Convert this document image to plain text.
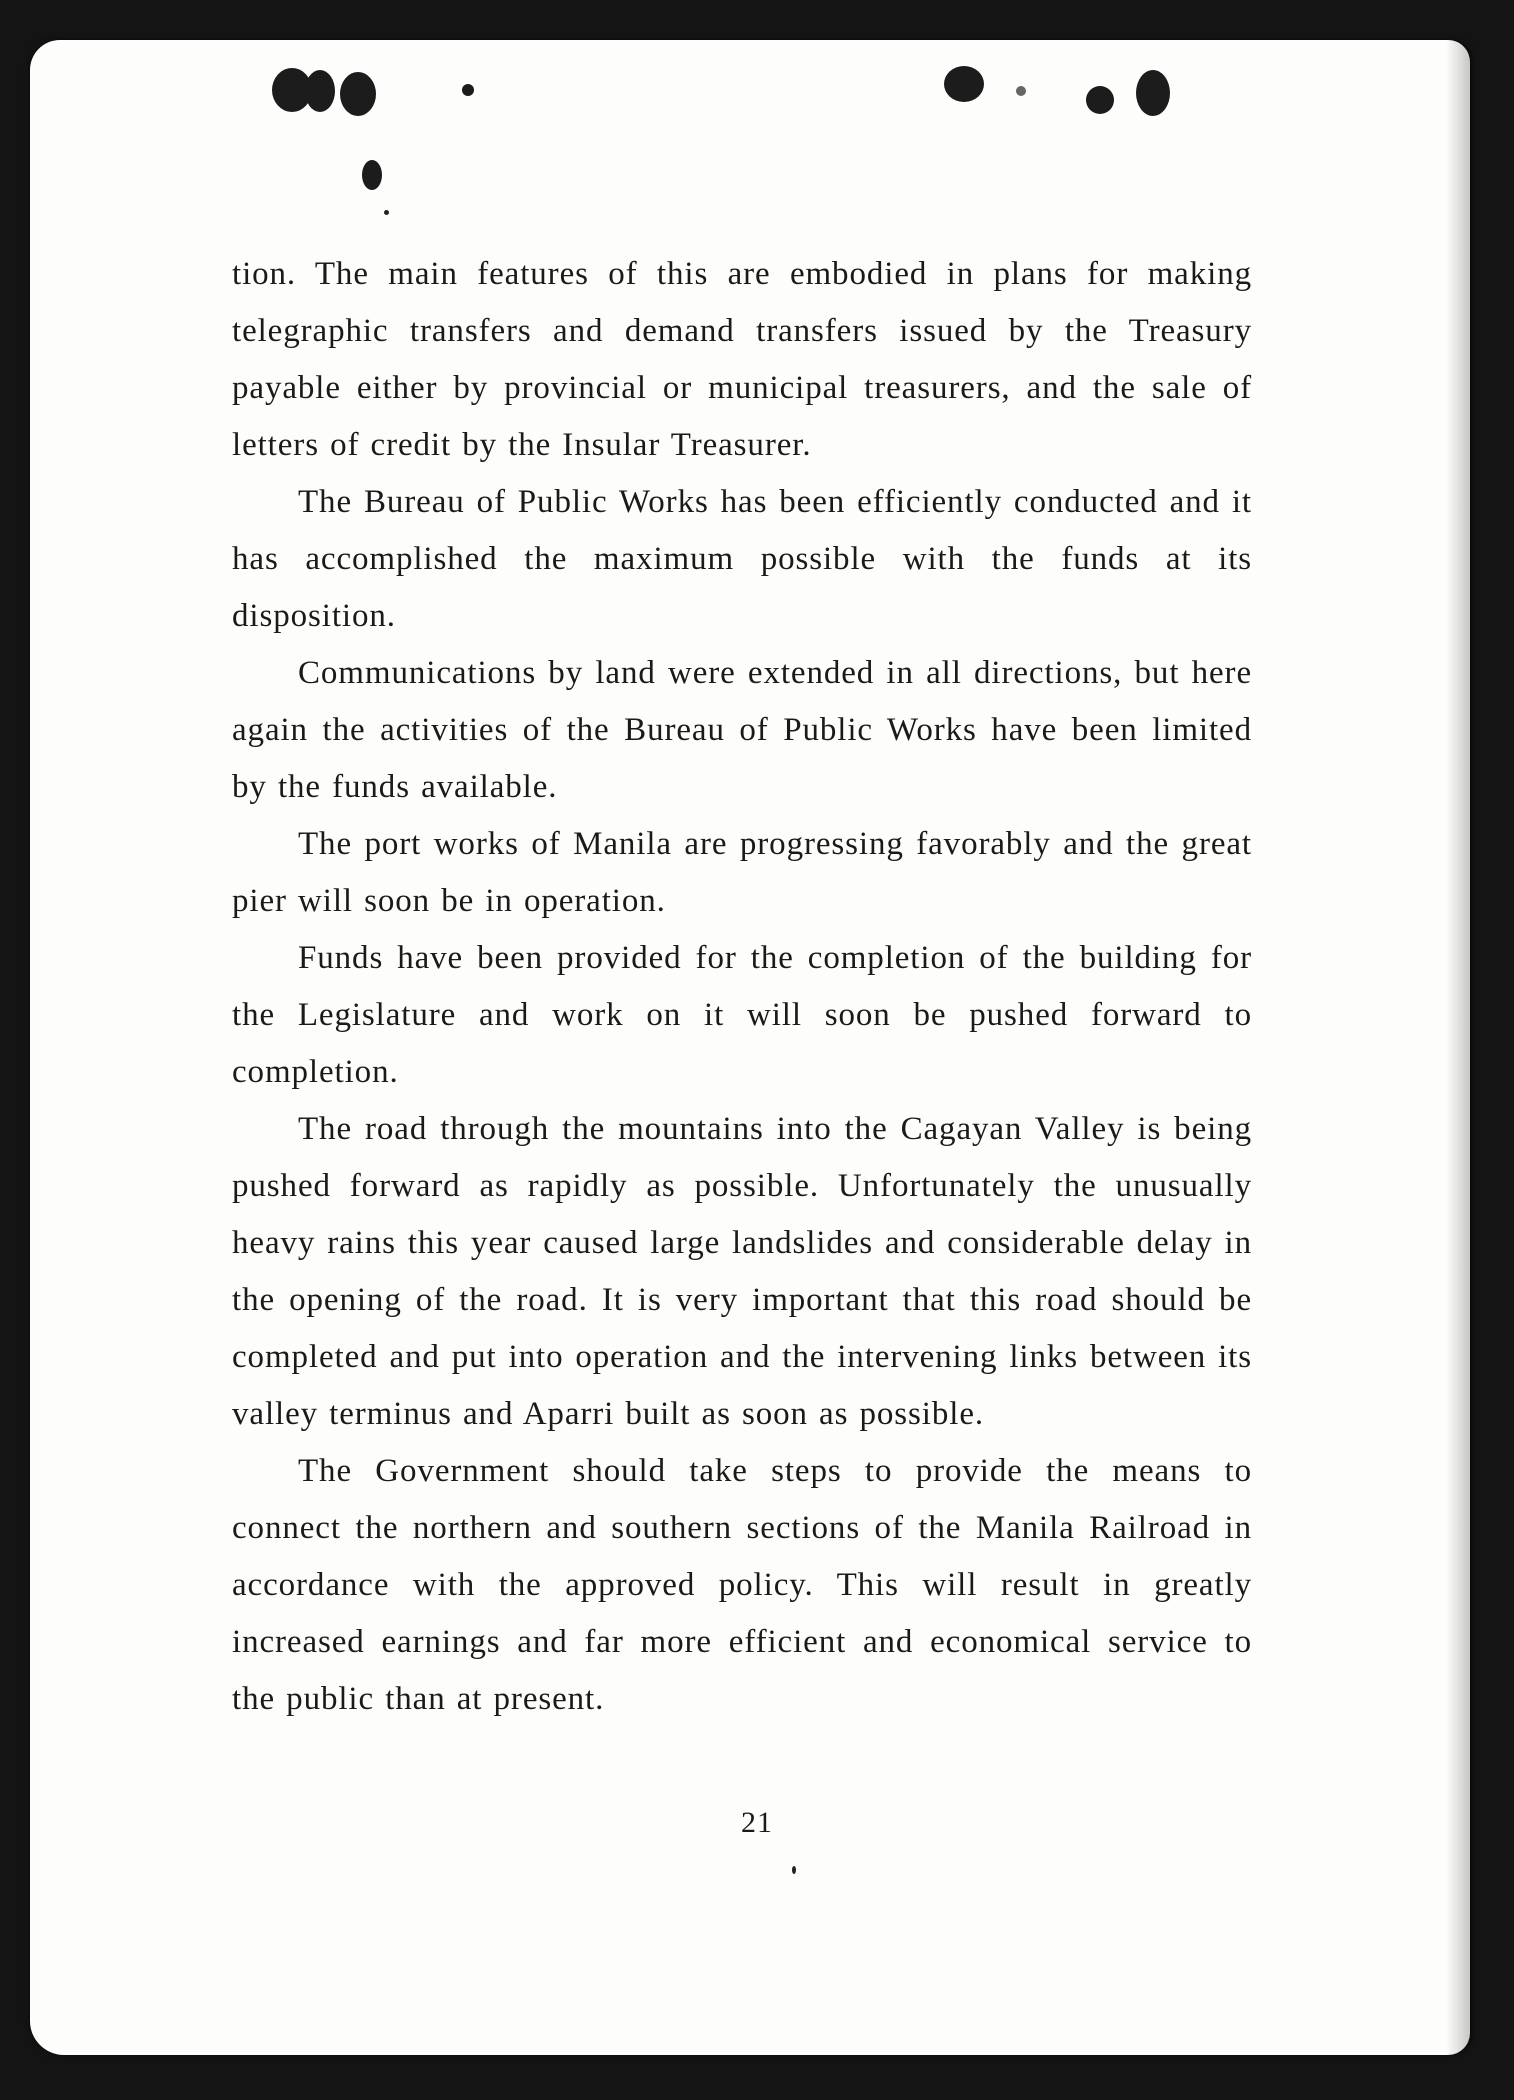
tion. The main features of this are embodied in plans for making telegraphic transfers and demand transfers issued by the Treasury payable either by provincial or municipal treasurers, and the sale of letters of credit by the Insular Treasurer.

The Bureau of Public Works has been efficiently conducted and it has accomplished the maximum possible with the funds at its disposition.

Communications by land were extended in all directions, but here again the activities of the Bureau of Public Works have been limited by the funds available.

The port works of Manila are progressing favorably and the great pier will soon be in operation.

Funds have been provided for the completion of the building for the Legislature and work on it will soon be pushed forward to completion.

The road through the mountains into the Cagayan Valley is being pushed forward as rapidly as possible. Unfortunately the unusually heavy rains this year caused large landslides and considerable delay in the opening of the road. It is very important that this road should be completed and put into operation and the intervening links between its valley terminus and Aparri built as soon as possible.

The Government should take steps to provide the means to connect the northern and southern sections of the Manila Railroad in accordance with the approved policy. This will result in greatly increased earnings and far more efficient and economical service to the public than at present.

21
